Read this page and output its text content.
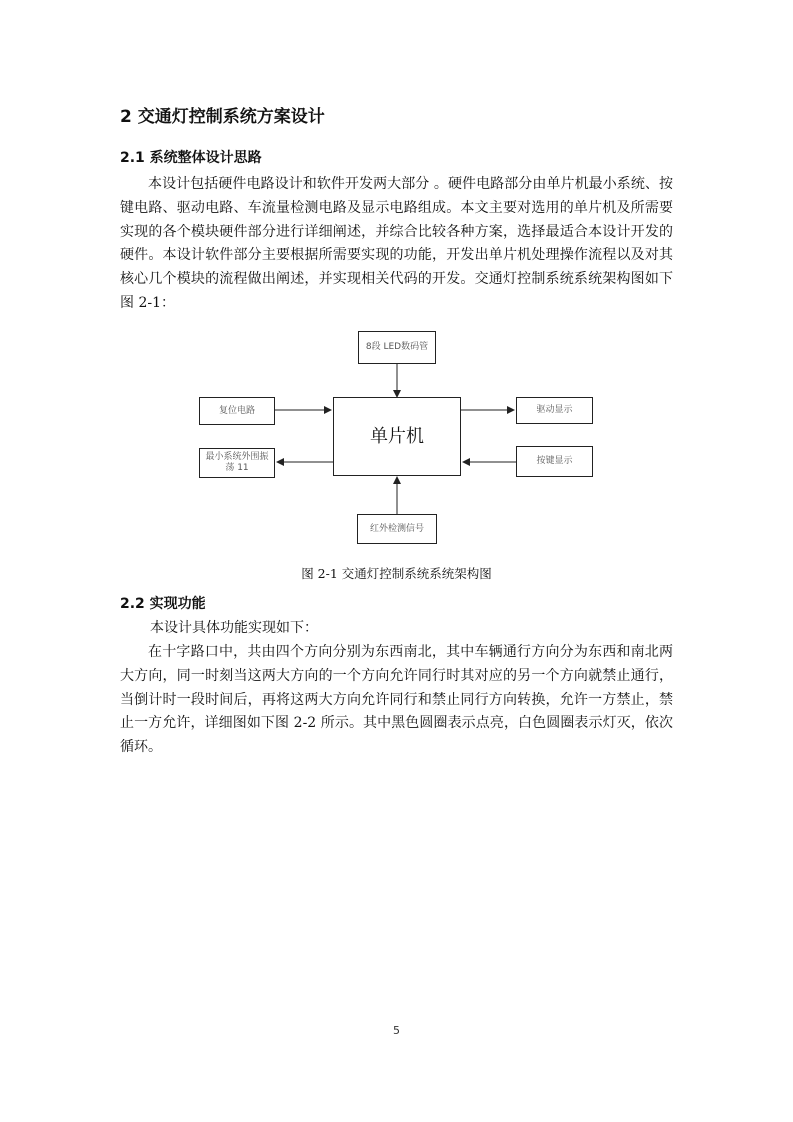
2 交通灯控制系统方案设计
2.1 系统整体设计思路

本设计包括硬件电路设计和软件开发两大部分 。硬件电路部分由单片机最小系统、按键电路、驱动电路、车流量检测电路及显示电路组成。本文主要对选用的单片机及所需要实现的各个模块硬件部分进行详细阐述，并综合比较各种方案，选择最适合本设计开发的硬件。本设计软件部分主要根据所需要实现的功能，开发出单片机处理操作流程以及对其核心几个模块的流程做出阐述，并实现相关代码的开发。交通灯控制系统系统架构图如下图 2-1：

8段 LED数码管
单片机
复位电路
最小系统外围振荡 11
驱动显示
按键显示
红外检测信号
图 2-1 交通灯控制系统系统架构图
2.2 实现功能

本设计具体功能实现如下：

在十字路口中，共由四个方向分别为东西南北，其中车辆通行方向分为东西和南北两大方向，同一时刻当这两大方向的一个方向允许同行时其对应的另一个方向就禁止通行，当倒计时一段时间后，再将这两大方向允许同行和禁止同行方向转换，允许一方禁止，禁止一方允许，详细图如下图 2-2 所示。其中黑色圆圈表示点亮，白色圆圈表示灯灭，依次循环。

5
